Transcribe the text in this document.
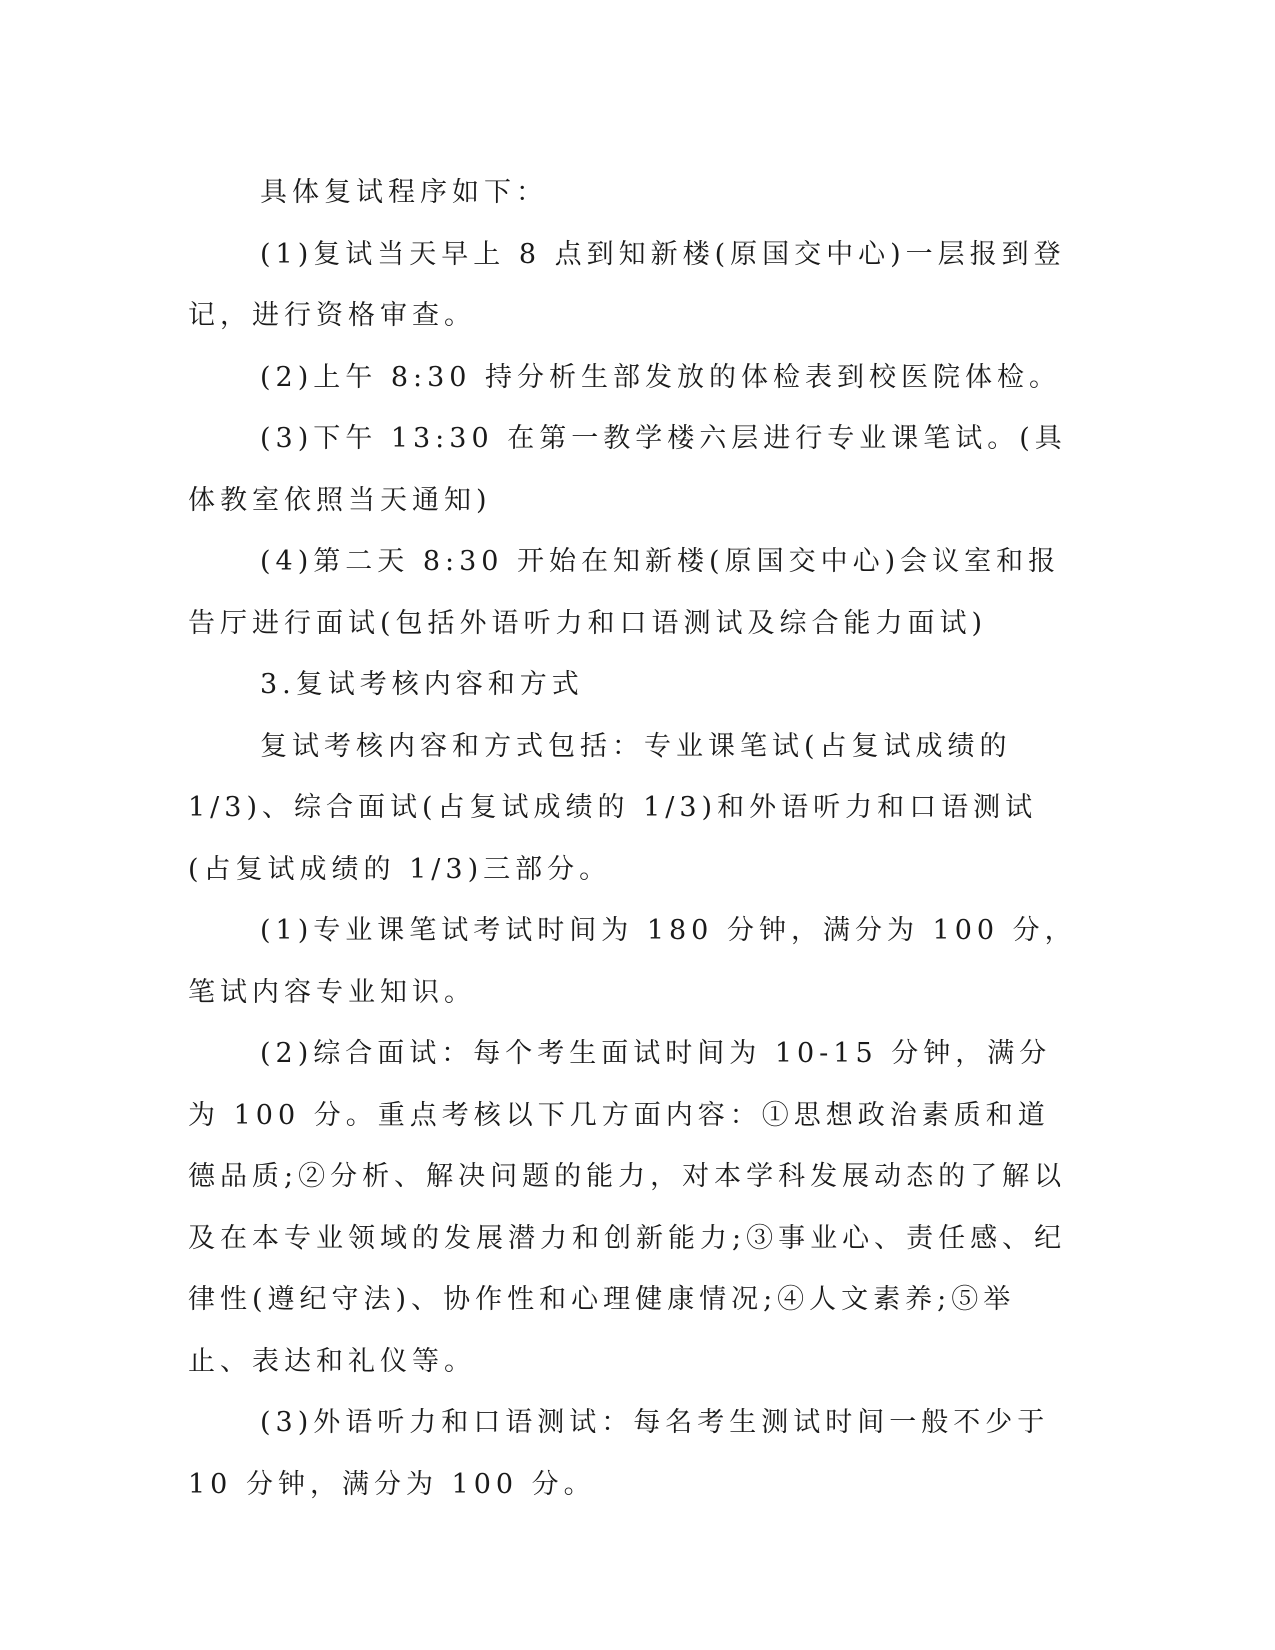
具体复试程序如下：

(1)复试当天早上 8 点到知新楼(原国交中心)一层报到登记，进行资格审查。

(2)上午 8:30 持分析生部发放的体检表到校医院体检。

(3)下午 13:30 在第一教学楼六层进行专业课笔试。(具体教室依照当天通知)

(4)第二天 8:30 开始在知新楼(原国交中心)会议室和报告厅进行面试(包括外语听力和口语测试及综合能力面试)

3.复试考核内容和方式

复试考核内容和方式包括：专业课笔试(占复试成绩的 1/3)、综合面试(占复试成绩的 1/3)和外语听力和口语测试(占复试成绩的 1/3)三部分。

(1)专业课笔试考试时间为 180 分钟，满分为 100 分，笔试内容专业知识。

(2)综合面试：每个考生面试时间为 10-15 分钟，满分为 100 分。重点考核以下几方面内容：①思想政治素质和道德品质;②分析、解决问题的能力，对本学科发展动态的了解以及在本专业领域的发展潜力和创新能力;③事业心、责任感、纪律性(遵纪守法)、协作性和心理健康情况;④人文素养;⑤举止、表达和礼仪等。

(3)外语听力和口语测试：每名考生测试时间一般不少于 10 分钟，满分为 100 分。
